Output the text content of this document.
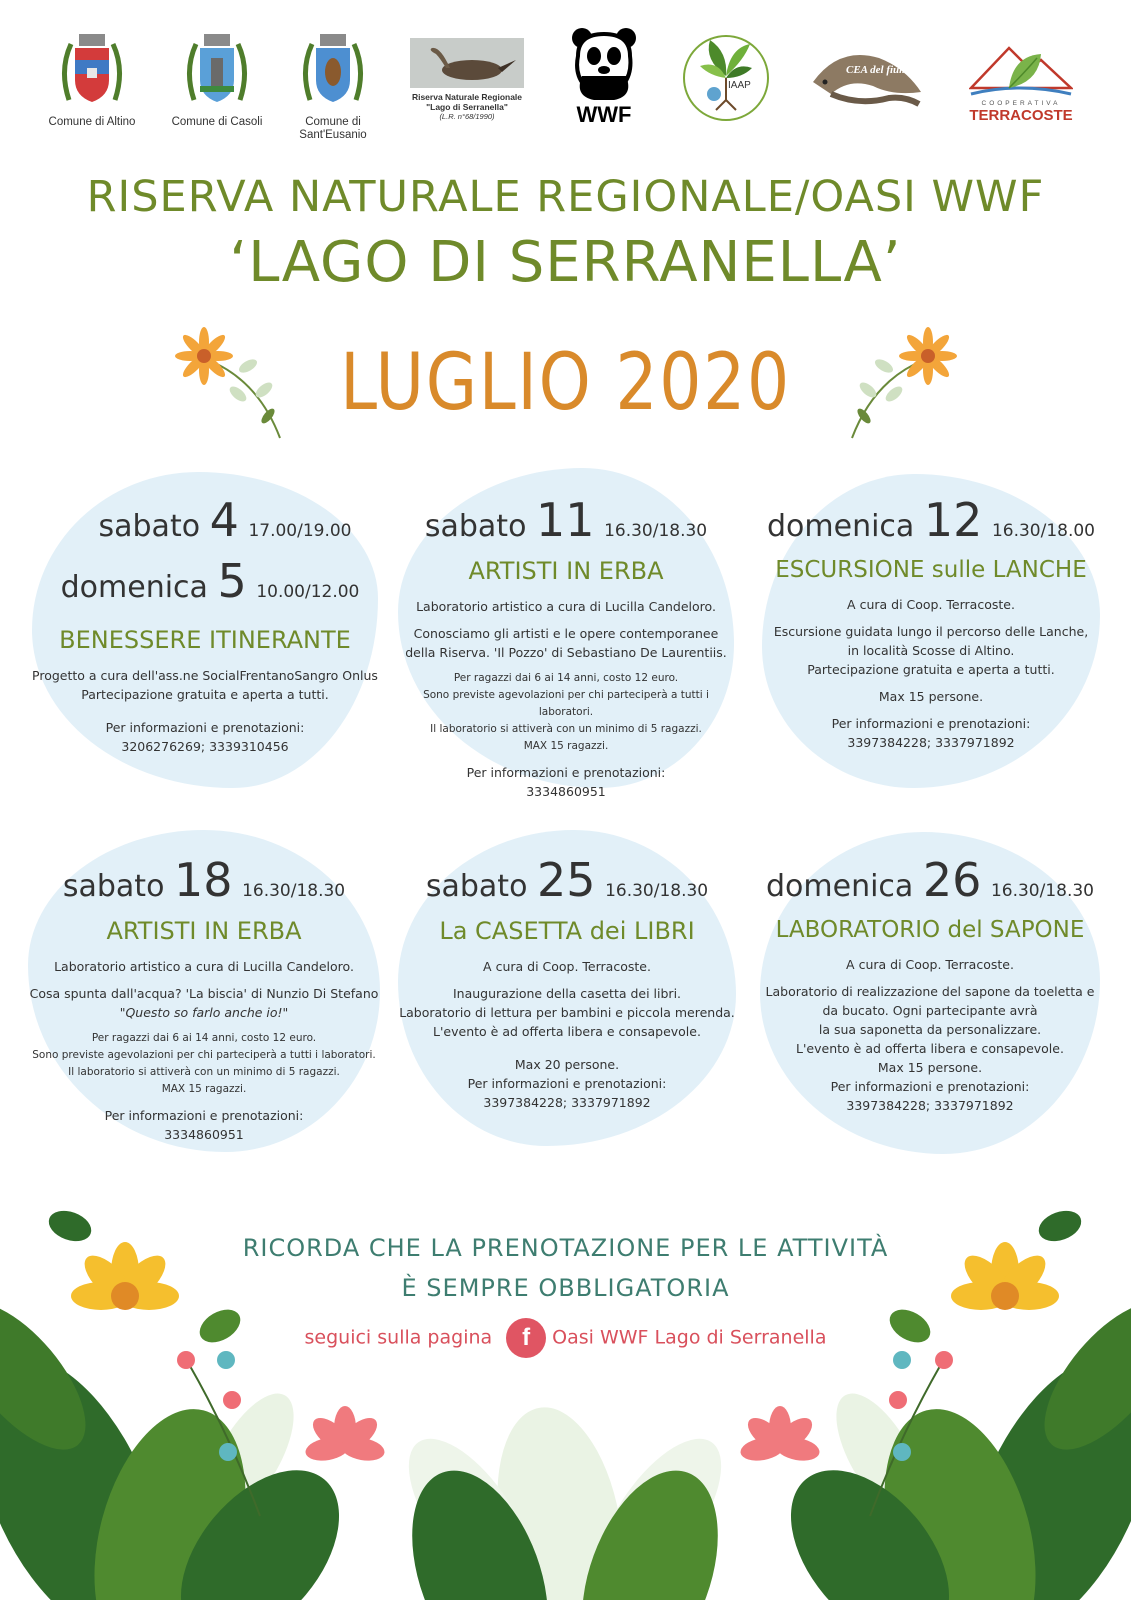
Comune di Altino	Comune di Casoli	Comune di Sant'Eusanio
Riserva Naturale Regionale
"Lago di Serranella"
(L.R. n°68/1990)	WWF
IAAP
CEA del fiume
COOPERATIVA
TERRACOSTE
RISERVA NATURALE REGIONALE/OASI WWF
‘LAGO DI SERRANELLA’
LUGLIO 2020
sabato 4 17.00/19.00
domenica 5 10.00/12.00
BENESSERE ITINERANTE

Progetto a cura dell'ass.ne SocialFrentanoSangro Onlus

Partecipazione gratuita e aperta a tutti.

Per informazioni e prenotazioni:

3206276269; 3339310456

sabato 11 16.30/18.30
ARTISTI IN ERBA

Laboratorio artistico a cura di Lucilla Candeloro.

Conosciamo gli artisti e le opere contemporanee

della Riserva. 'Il Pozzo' di Sebastiano De Laurentiis.

Per ragazzi dai 6 ai 14 anni, costo 12 euro.

Sono previste agevolazioni per chi parteciperà a tutti i laboratori.

Il laboratorio si attiverà con un minimo di 5 ragazzi.

MAX 15 ragazzi.

Per informazioni e prenotazioni:

3334860951

domenica 12 16.30/18.00
ESCURSIONE sulle LANCHE

A cura di Coop. Terracoste.

Escursione guidata lungo il percorso delle Lanche,

in località Scosse di Altino.

Partecipazione gratuita e aperta a tutti.

Max 15 persone.

Per informazioni e prenotazioni:

3397384228; 3337971892

sabato 18 16.30/18.30
ARTISTI IN ERBA

Laboratorio artistico a cura di Lucilla Candeloro.

Cosa spunta dall'acqua? 'La biscia' di Nunzio Di Stefano

"Questo so farlo anche io!"

Per ragazzi dai 6 ai 14 anni, costo 12 euro.

Sono previste agevolazioni per chi parteciperà a tutti i laboratori.

Il laboratorio si attiverà con un minimo di 5 ragazzi.

MAX 15 ragazzi.

Per informazioni e prenotazioni:

3334860951

sabato 25 16.30/18.30
La CASETTA dei LIBRI

A cura di Coop. Terracoste.

Inaugurazione della casetta dei libri.

Laboratorio di lettura per bambini e piccola merenda.

L'evento è ad offerta libera e consapevole.

Max 20 persone.

Per informazioni e prenotazioni:

3397384228; 3337971892

domenica 26 16.30/18.30
LABORATORIO del SAPONE

A cura di Coop. Terracoste.

Laboratorio di realizzazione del sapone da toeletta e

da bucato. Ogni partecipante avrà

la sua saponetta da personalizzare.

L'evento è ad offerta libera e consapevole.

Max 15 persone.

Per informazioni e prenotazioni:

3397384228; 3337971892

RICORDA CHE LA PRENOTAZIONE PER LE ATTIVITÀ
È SEMPRE OBBLIGATORIA
seguici sulla pagina f Oasi WWF Lago di Serranella
